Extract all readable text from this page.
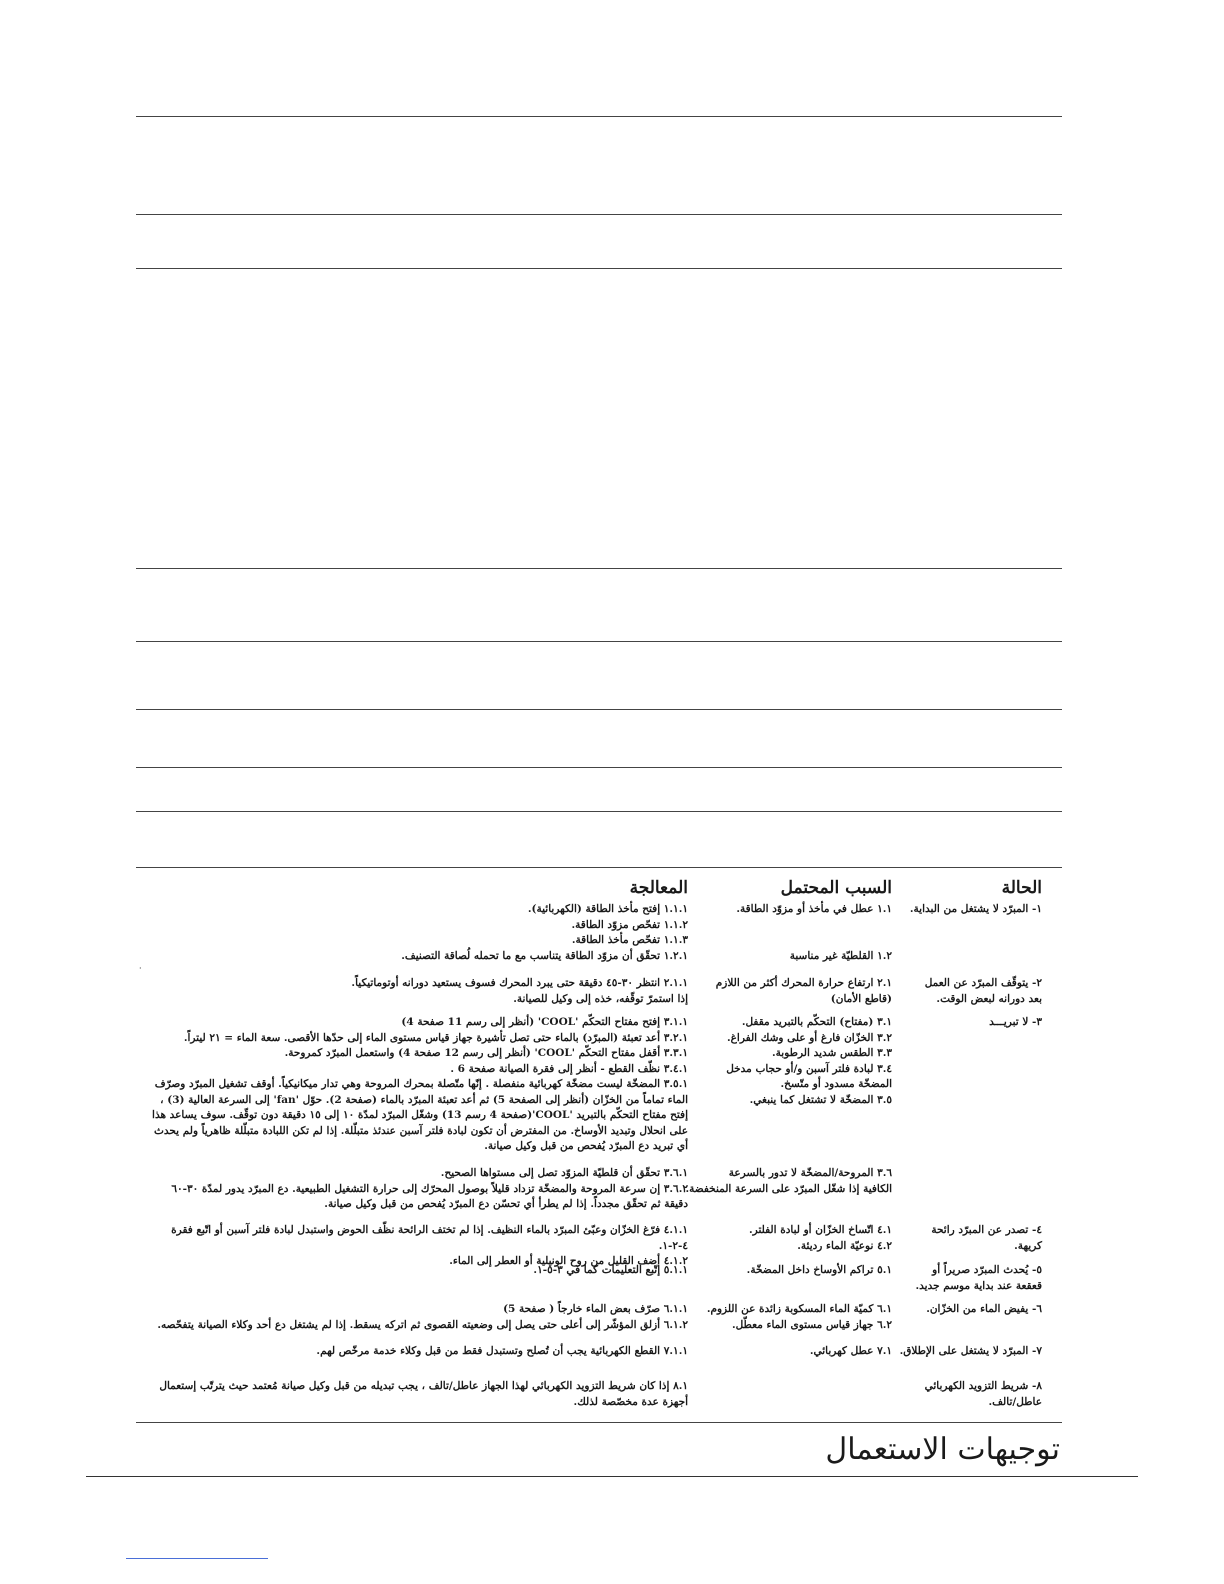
الحالة
السبب المحتمل
المعالجة
·
١- المبرّد لا يشتغل من البداية.
١.١ عطل في مأخذ أو مزوّد الطاقة.

١.٢ القلطيّة غير مناسبة
١.١.١ إفتح مأخذ الطاقة (الكهربائية).
١.١.٢ تفحّص مزوّد الطاقة.
١.١.٣ تفحّص مأخذ الطاقة.
١.٢.١ تحقّق أن مزوّد الطاقة يتناسب مع ما تحمله لُصاقة التصنيف.
٢- يتوقّف المبرّد عن العمل
بعد دورانه لبعض الوقت.
٢.١ ارتفاع حرارة المحرك أكثر من اللازم
(قاطع الأمان)
٢.١.١ انتظر ٣٠-٤٥ دقيقة حتى يبرد المحرك فسوف يستعيد دورانه أوتوماتيكياً.
إذا استمرّ توقّفه، خذه إلى وكيل للصيانة.
٣- لا تبريـــد
٣.١ (مفتاح) التحكّم بالتبريد مقفل.
٣.٢ الخزّان فارغ أو على وشك الفراغ.
٣.٣ الطقس شديد الرطوبة.
٣.٤ لبادة فلتر آسبن و/أو حجاب مدخل
المضخّة مسدود أو متّسخ.
٣.٥ المضخّة لا تشتغل كما ينبغي.
٣.١.١ إفتح مفتاح التحكّم 'COOL' (أنظر إلى رسم 11 صفحة 4)
٣.٢.١ أعد تعبئة (المبرّد) بالماء حتى تصل تأشيرة جهاز قياس مستوى الماء إلى حدّها الأقصى. سعة الماء = ٢١ ليتراً.
٣.٣.١ أقفل مفتاح التحكّم 'COOL' (أنظر إلى رسم 12 صفحة 4) واستعمل المبرّد كمروحة.
٣.٤.١ نظّف القطع - أنظر إلى فقرة الصيانة صفحة 6 .
٣.٥.١ المضخّة ليست مضخّة كهربائية منفصلة . إنّها متّصلة بمحرك المروحة وهي تدار ميكانيكياً. أوقف تشغيل المبرّد وصرّف الماء تماماً من الخزّان (أنظر إلى الصفحة 5) ثم أعد تعبئة المبرّد بالماء (صفحة 2). حوّل 'fan' إلى السرعة العالية (3) ، إفتح مفتاح التحكّم بالتبريد 'COOL'(صفحة 4 رسم 13) وشغّل المبرّد لمدّة ١٠ إلى ١٥ دقيقة دون توقّف. سوف يساعد هذا على انحلال وتبديد الأوساخ. من المفترض أن تكون لبادة فلتر آسبن عندئذ متبلّلة. إذا لم تكن اللبادة متبلّلة ظاهرياً ولم يحدث أي تبريد دع المبرّد يُفحص من قبل وكيل صيانة.
٣.٦ المروحة/المضخّة لا تدور بالسرعة
الكافية إذا شغّل المبرّد على السرعة المنخفضة.
٣.٦.١ تحقّق أن قلطيّة المزوّد تصل إلى مستواها الصحيح.
٣.٦.٢ إن سرعة المروحة والمضخّة تزداد قليلاً بوصول المحرّك إلى حرارة التشغيل الطبيعية. دع المبرّد يدور لمدّة ٣٠-٦٠ دقيقة ثم تحقّق مجدداً. إذا لم يطرأ أي تحسّن دع المبرّد يُفحص من قبل وكيل صيانة.
٤- تصدر عن المبرّد رائحة
كريهة.
٤.١ اتّساخ الخزّان أو لبادة الفلتر.
٤.٢ نوعيّة الماء رديئة.
٤.١.١ فرّغ الخزّان وعبّئ المبرّد بالماء النظيف. إذا لم تختف الرائحة نظّف الحوض واستبدل لبادة فلتر آسبن أو اتّبع فقرة ٤-٢-١.
٤.١.٢ أضف القليل من روح الونيلية أو العطر إلى الماء.
٥- يُحدث المبرّد صريراً أو
قعقعة عند بداية موسم جديد.
٥.١ تراكم الأوساخ داخل المضخّة.
٥.١.١ إتّبع التعليمات كما في ٣-٥-١.
٦- يفيض الماء من الخزّان.
٦.١ كميّة الماء المسكوبة زائدة عن اللزوم.
٦.٢ جهاز قياس مستوى الماء معطّل.
٦.١.١ صرّف بعض الماء خارجاً ( صفحة 5)
٦.١.٢ أزلق المؤشّر إلى أعلى حتى يصل إلى وضعيته القصوى ثم اتركه يسقط. إذا لم يشتغل دع أحد وكلاء الصيانة يتفحّصه.
٧- المبرّد لا يشتغل على الإطلاق.
٧.١ عطل كهربائي.
٧.١.١ القطع الكهربائية يجب أن تُصلح وتستبدل فقط من قبل وكلاء خدمة مرخّص لهم.
٨- شريط التزويد الكهربائي
عاطل/تالف.
٨.١ إذا كان شريط التزويد الكهربائي لهذا الجهاز عاطل/تالف ، يجب تبديله من قبل وكيل صيانة مُعتمد حيث يترتّب إستعمال أجهزة عدة مخصّصة لذلك.
توجيهات الاستعمال
